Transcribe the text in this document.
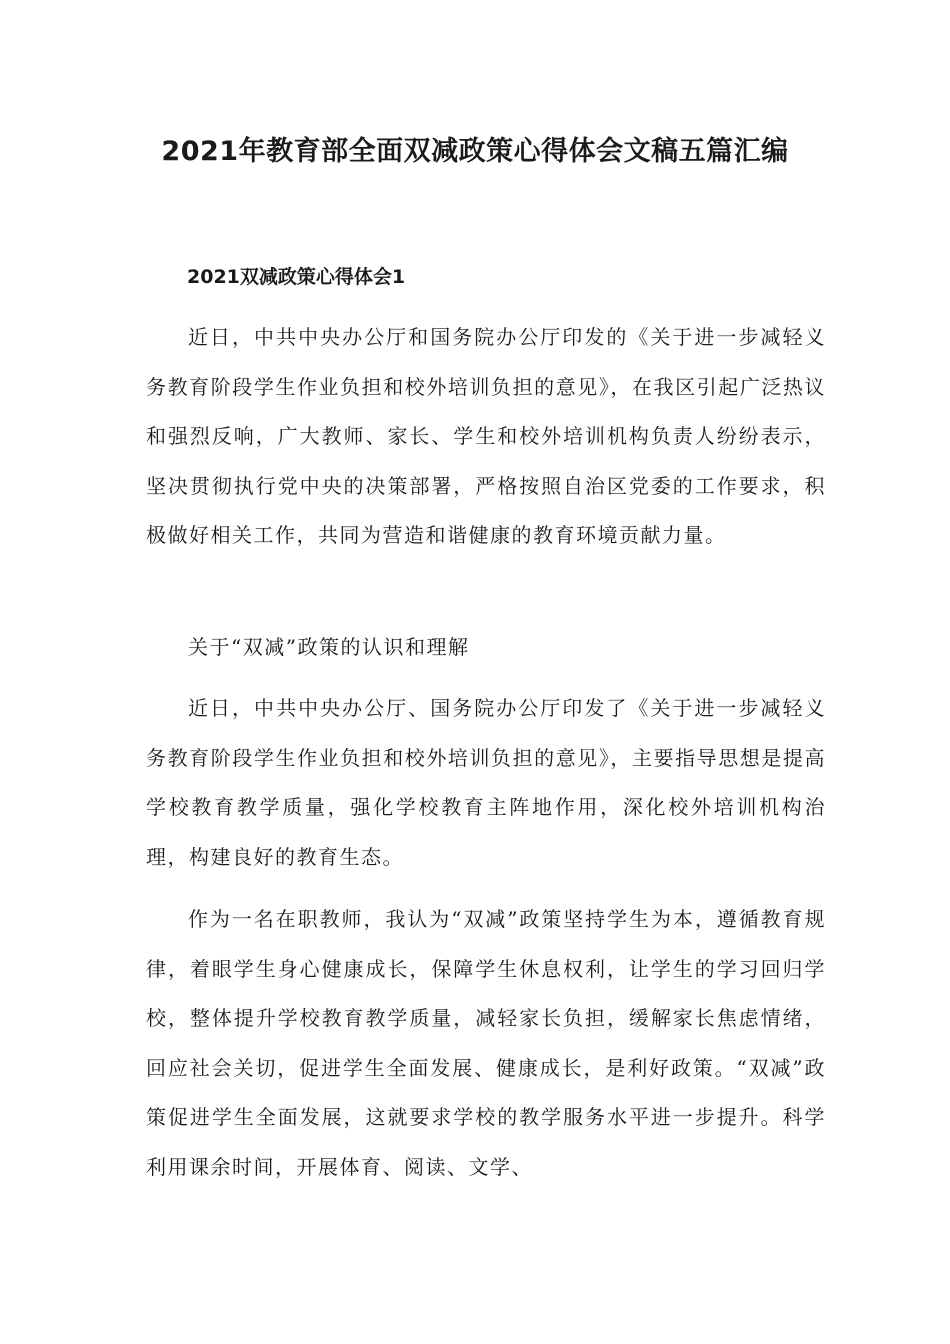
2021年教育部全面双减政策心得体会文稿五篇汇编
2021双减政策心得体会1

近日，中共中央办公厅和国务院办公厅印发的《关于进一步减轻义务教育阶段学生作业负担和校外培训负担的意见》，在我区引起广泛热议和强烈反响，广大教师、家长、学生和校外培训机构负责人纷纷表示，坚决贯彻执行党中央的决策部署，严格按照自治区党委的工作要求，积极做好相关工作，共同为营造和谐健康的教育环境贡献力量。

关于“双减”政策的认识和理解

近日，中共中央办公厅、国务院办公厅印发了《关于进一步减轻义务教育阶段学生作业负担和校外培训负担的意见》，主要指导思想是提高学校教育教学质量，强化学校教育主阵地作用，深化校外培训机构治理，构建良好的教育生态。

作为一名在职教师，我认为“双减”政策坚持学生为本，遵循教育规律，着眼学生身心健康成长，保障学生休息权利，让学生的学习回归学校，整体提升学校教育教学质量，减轻家长负担，缓解家长焦虑情绪，回应社会关切，促进学生全面发展、健康成长，是利好政策。“双减”政策促进学生全面发展，这就要求学校的教学服务水平进一步提升。科学利用课余时间，开展体育、阅读、文学、
